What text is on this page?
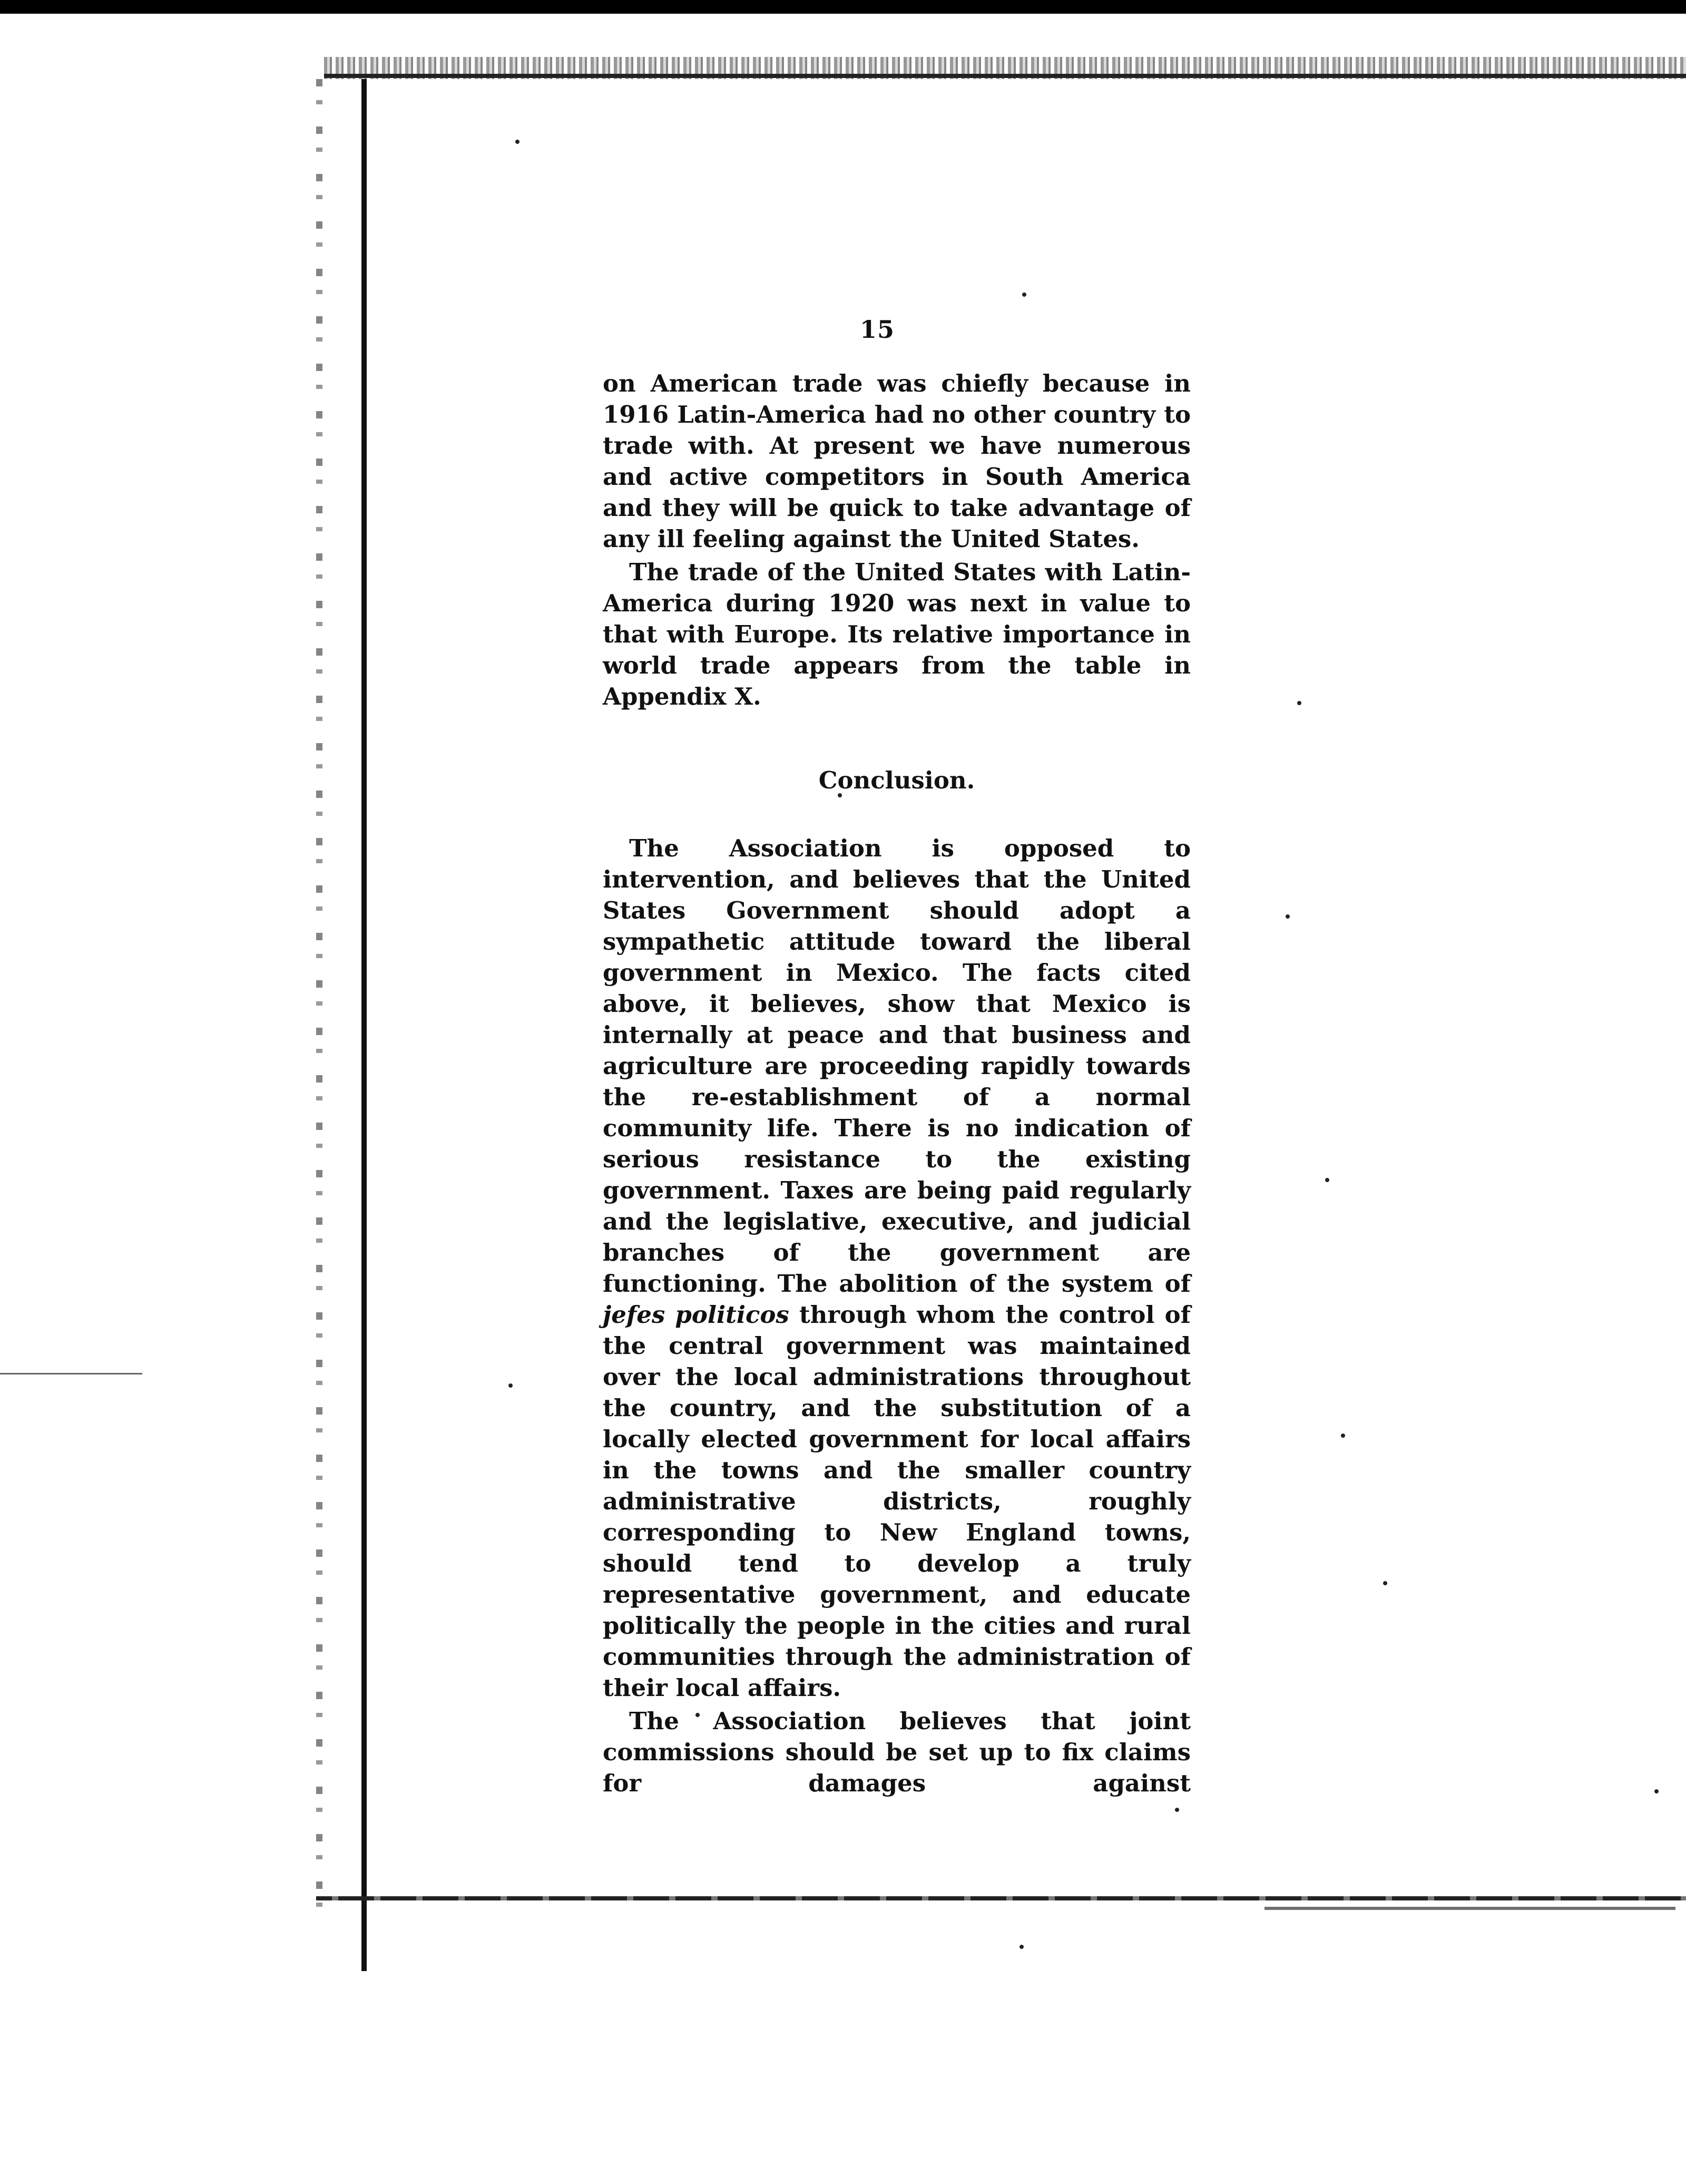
15

on American trade was chiefly because in 1916 Latin-America had no other country to trade with. At present we have numerous and active competitors in South America and they will be quick to take advantage of any ill feeling against the United States.

The trade of the United States with Latin-America during 1920 was next in value to that with Europe. Its relative importance in world trade appears from the table in Appendix X.

Conclusion.

The Association is opposed to intervention, and believes that the United States Government should adopt a sympathetic attitude toward the liberal government in Mexico. The facts cited above, it believes, show that Mexico is internally at peace and that business and agriculture are proceeding rapidly towards the re-establishment of a normal community life. There is no indication of serious resistance to the existing government. Taxes are being paid regularly and the legislative, executive, and judicial branches of the government are functioning. The abolition of the system of jefes politicos through whom the control of the central government was maintained over the local administrations throughout the country, and the substitution of a locally elected government for local affairs in the towns and the smaller country administrative districts, roughly corresponding to New England towns, should tend to develop a truly representative government, and educate politically the people in the cities and rural communities through the administration of their local affairs.

The Association believes that joint commissions should be set up to fix claims for damages against
